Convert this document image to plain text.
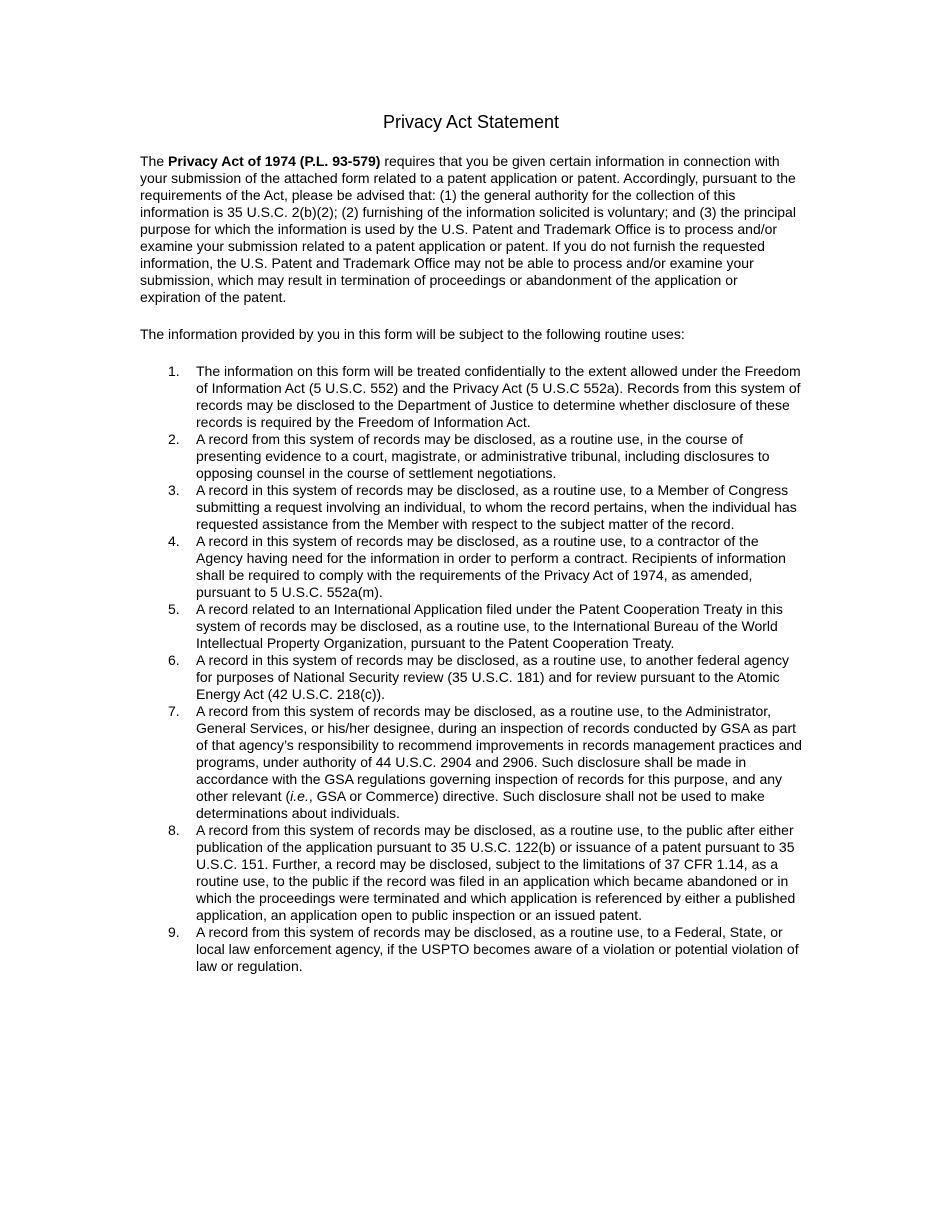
Privacy Act Statement

The Privacy Act of 1974 (P.L. 93-579) requires that you be given certain information in connection with your submission of the attached form related to a patent application or patent. Accordingly, pursuant to the requirements of the Act, please be advised that: (1) the general authority for the collection of this information is 35 U.S.C. 2(b)(2); (2) furnishing of the information solicited is voluntary; and (3) the principal purpose for which the information is used by the U.S. Patent and Trademark Office is to process and/or examine your submission related to a patent application or patent. If you do not furnish the requested information, the U.S. Patent and Trademark Office may not be able to process and/or examine your submission, which may result in termination of proceedings or abandonment of the application or expiration of the patent.

The information provided by you in this form will be subject to the following routine uses:

1.	The information on this form will be treated confidentially to the extent allowed under the Freedom of Information Act (5 U.S.C. 552) and the Privacy Act (5 U.S.C 552a). Records from this system of records may be disclosed to the Department of Justice to determine whether disclosure of these records is required by the Freedom of Information Act.
2.	A record from this system of records may be disclosed, as a routine use, in the course of presenting evidence to a court, magistrate, or administrative tribunal, including disclosures to opposing counsel in the course of settlement negotiations.
3.	A record in this system of records may be disclosed, as a routine use, to a Member of Congress submitting a request involving an individual, to whom the record pertains, when the individual has requested assistance from the Member with respect to the subject matter of the record.
4.	A record in this system of records may be disclosed, as a routine use, to a contractor of the Agency having need for the information in order to perform a contract. Recipients of information shall be required to comply with the requirements of the Privacy Act of 1974, as amended, pursuant to 5 U.S.C. 552a(m).
5.	A record related to an International Application filed under the Patent Cooperation Treaty in this system of records may be disclosed, as a routine use, to the International Bureau of the World Intellectual Property Organization, pursuant to the Patent Cooperation Treaty.
6.	A record in this system of records may be disclosed, as a routine use, to another federal agency for purposes of National Security review (35 U.S.C. 181) and for review pursuant to the Atomic Energy Act (42 U.S.C. 218(c)).
7.	A record from this system of records may be disclosed, as a routine use, to the Administrator, General Services, or his/her designee, during an inspection of records conducted by GSA as part of that agency’s responsibility to recommend improvements in records management practices and programs, under authority of 44 U.S.C. 2904 and 2906. Such disclosure shall be made in accordance with the GSA regulations governing inspection of records for this purpose, and any other relevant (i.e., GSA or Commerce) directive. Such disclosure shall not be used to make determinations about individuals.
8.	A record from this system of records may be disclosed, as a routine use, to the public after either publication of the application pursuant to 35 U.S.C. 122(b) or issuance of a patent pursuant to 35 U.S.C. 151. Further, a record may be disclosed, subject to the limitations of 37 CFR 1.14, as a routine use, to the public if the record was filed in an application which became abandoned or in which the proceedings were terminated and which application is referenced by either a published application, an application open to public inspection or an issued patent.
9.	A record from this system of records may be disclosed, as a routine use, to a Federal, State, or local law enforcement agency, if the USPTO becomes aware of a violation or potential violation of law or regulation.
